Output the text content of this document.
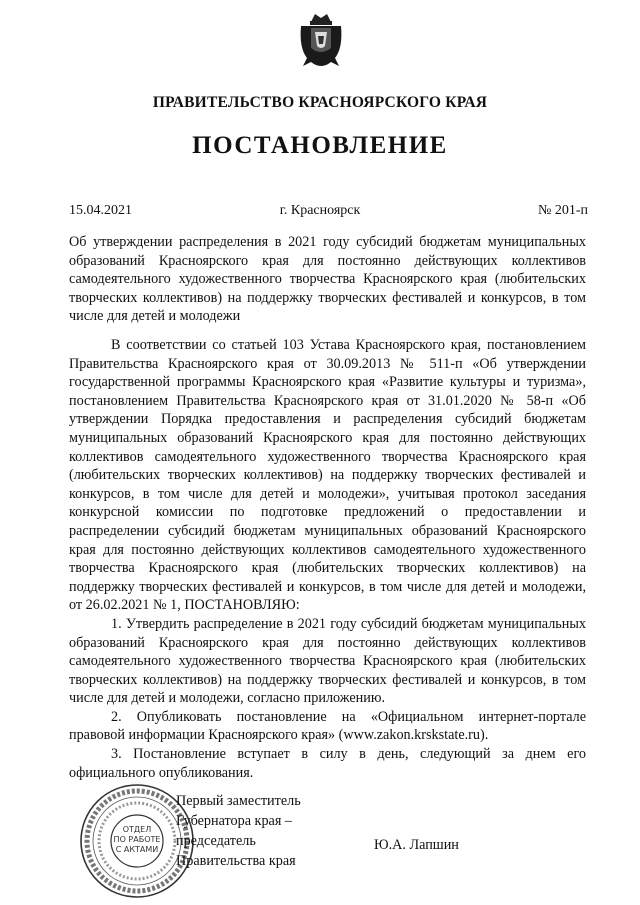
ПРАВИТЕЛЬСТВО КРАСНОЯРСКОГО КРАЯ
ПОСТАНОВЛЕНИЕ
15.04.2021	г. Красноярск	№ 201-п
Об утверждении распределения в 2021 году субсидий бюджетам муниципальных образований Красноярского края для постоянно действующих коллективов самодеятельного художественного творчества Красноярского края (любительских творческих коллективов) на поддержку творческих фестивалей и конкурсов, в том числе для детей и молодежи

В соответствии со статьей 103 Устава Красноярского края, постановлением Правительства Красноярского края от 30.09.2013 № 511-п «Об утверждении государственной программы Красноярского края «Развитие культуры и туризма», постановлением Правительства Красноярского края от 31.01.2020 № 58-п «Об утверждении Порядка предоставления и распределения субсидий бюджетам муниципальных образований Красноярского края для постоянно действующих коллективов самодеятельного художественного творчества Красноярского края (любительских творческих коллективов) на поддержку творческих фестивалей и конкурсов, в том числе для детей и молодежи», учитывая протокол заседания конкурсной комиссии по подготовке предложений о предоставлении и распределении субсидий бюджетам муниципальных образований Красноярского края для постоянно действующих коллективов самодеятельного художественного творчества Красноярского края (любительских творческих коллективов) на поддержку творческих фестивалей и конкурсов, в том числе для детей и молодежи, от 26.02.2021 № 1, ПОСТАНОВЛЯЮ:

1. Утвердить распределение в 2021 году субсидий бюджетам муниципальных образований Красноярского края для постоянно действующих коллективов самодеятельного художественного творчества Красноярского края (любительских творческих коллективов) на поддержку творческих фестивалей и конкурсов, в том числе для детей и молодежи, согласно приложению.

2. Опубликовать постановление на «Официальном интернет-портале правовой информации Красноярского края» (www.zakon.krskstate.ru).

3. Постановление вступает в силу в день, следующий за днем его официального опубликования.

ОТДЕЛ
ПО РАБОТЕ
С АКТАМИ
Первый заместитель
Губернатора края –
председатель
Правительства края
Ю.А. Лапшин
